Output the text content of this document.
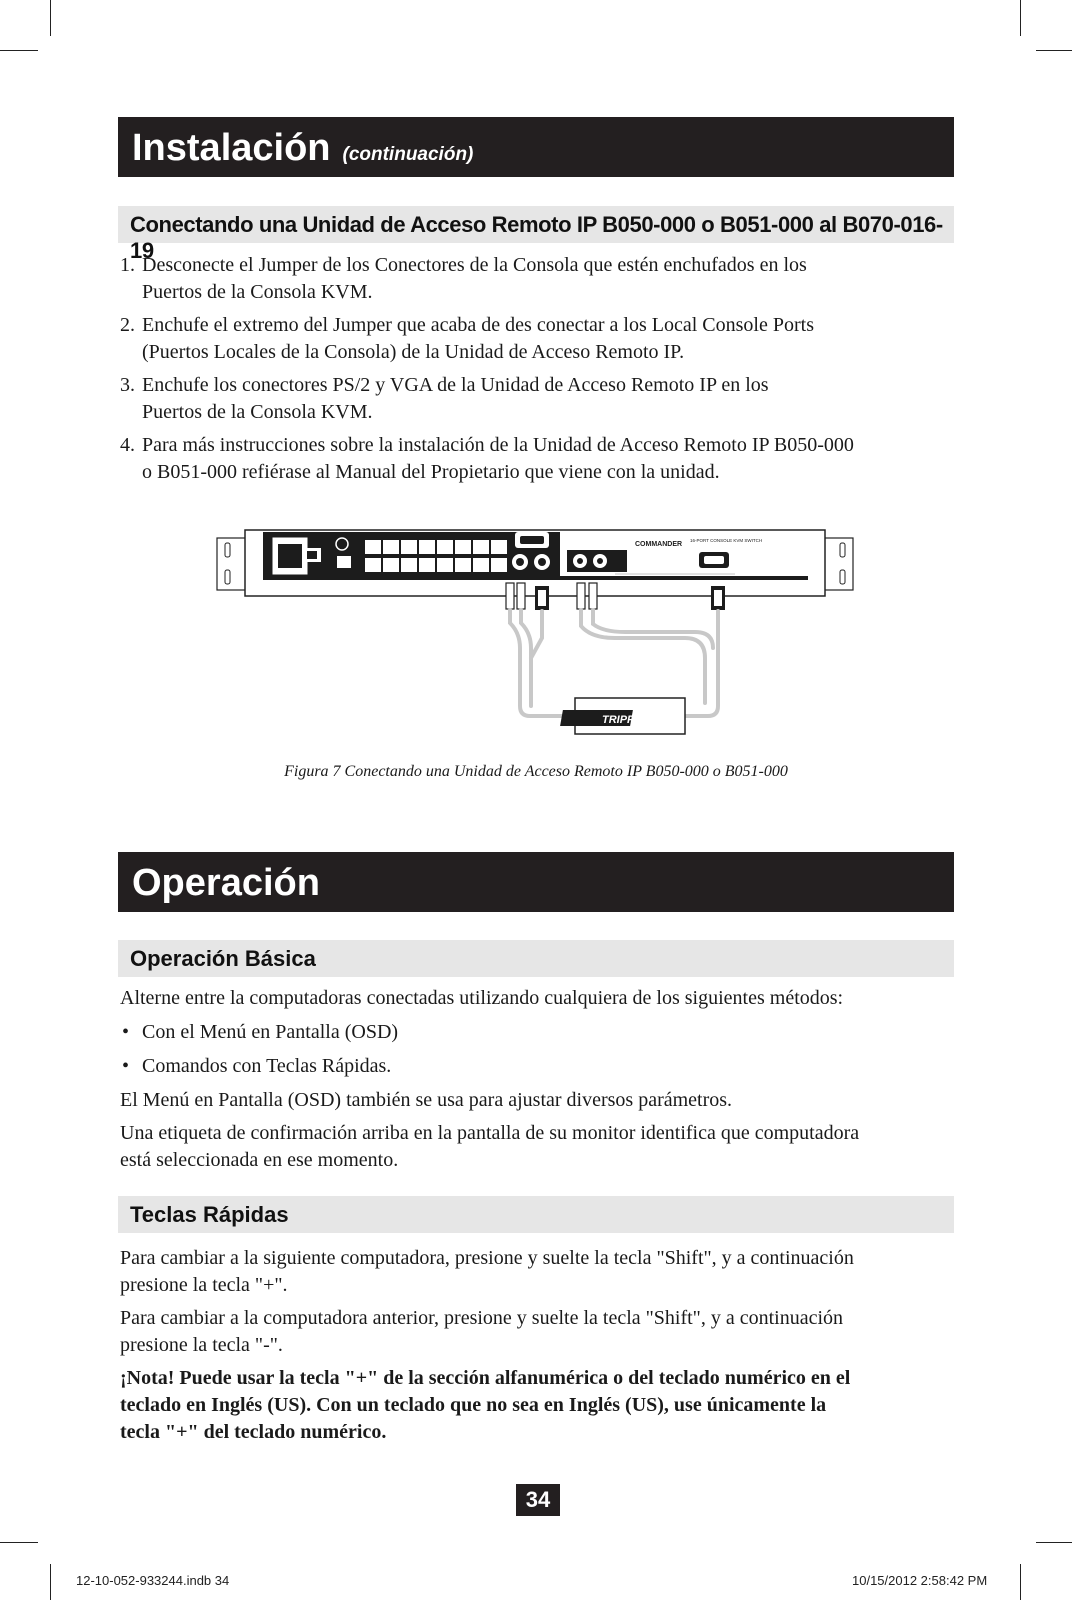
Instalación (continuación)
Conectando una Unidad de Acceso Remoto IP B050-000 o B051-000 al B070-016-19
1. Desconecte el Jumper de los Conectores de la Consola que estén enchufados en los
Puertos de la Consola KVM.
2. Enchufe el extremo del Jumper que acaba de des conectar a los Local Console Ports
(Puertos Locales de la Consola) de la Unidad de Acceso Remoto IP.
3. Enchufe los conectores PS/2 y VGA de la Unidad de Acceso Remoto IP en los
Puertos de la Consola KVM.
4. Para más instrucciones sobre la instalación de la Unidad de Acceso Remoto IP B050-000
o B051-000 refiérase al Manual del Propietario que viene con la unidad.
COMMANDER
16-PORT CONSOLE KVM SWITCH
TRIPP·LITE
Figura 7 Conectando una Unidad de Acceso Remoto IP B050-000 o B051-000
Operación
Operación Básica
Alterne entre la computadoras conectadas utilizando cualquiera de los siguientes métodos:
• Con el Menú en Pantalla (OSD)
• Comandos con Teclas Rápidas.
El Menú en Pantalla (OSD) también se usa para ajustar diversos parámetros.
Una etiqueta de confirmación arriba en la pantalla de su monitor identifica que computadora
está seleccionada en ese momento.
Teclas Rápidas
Para cambiar a la siguiente computadora, presione y suelte la tecla "Shift", y a continuación
presione la tecla "+".
Para cambiar a la computadora anterior, presione y suelte la tecla "Shift", y a continuación
presione la tecla "-".
¡Nota! Puede usar la tecla "+" de la sección alfanumérica o del teclado numérico en el
teclado en Inglés (US). Con un teclado que no sea en Inglés (US), use únicamente la
tecla "+" del teclado numérico.
34
12-10-052-933244.indb 34	10/15/2012 2:58:42 PM
